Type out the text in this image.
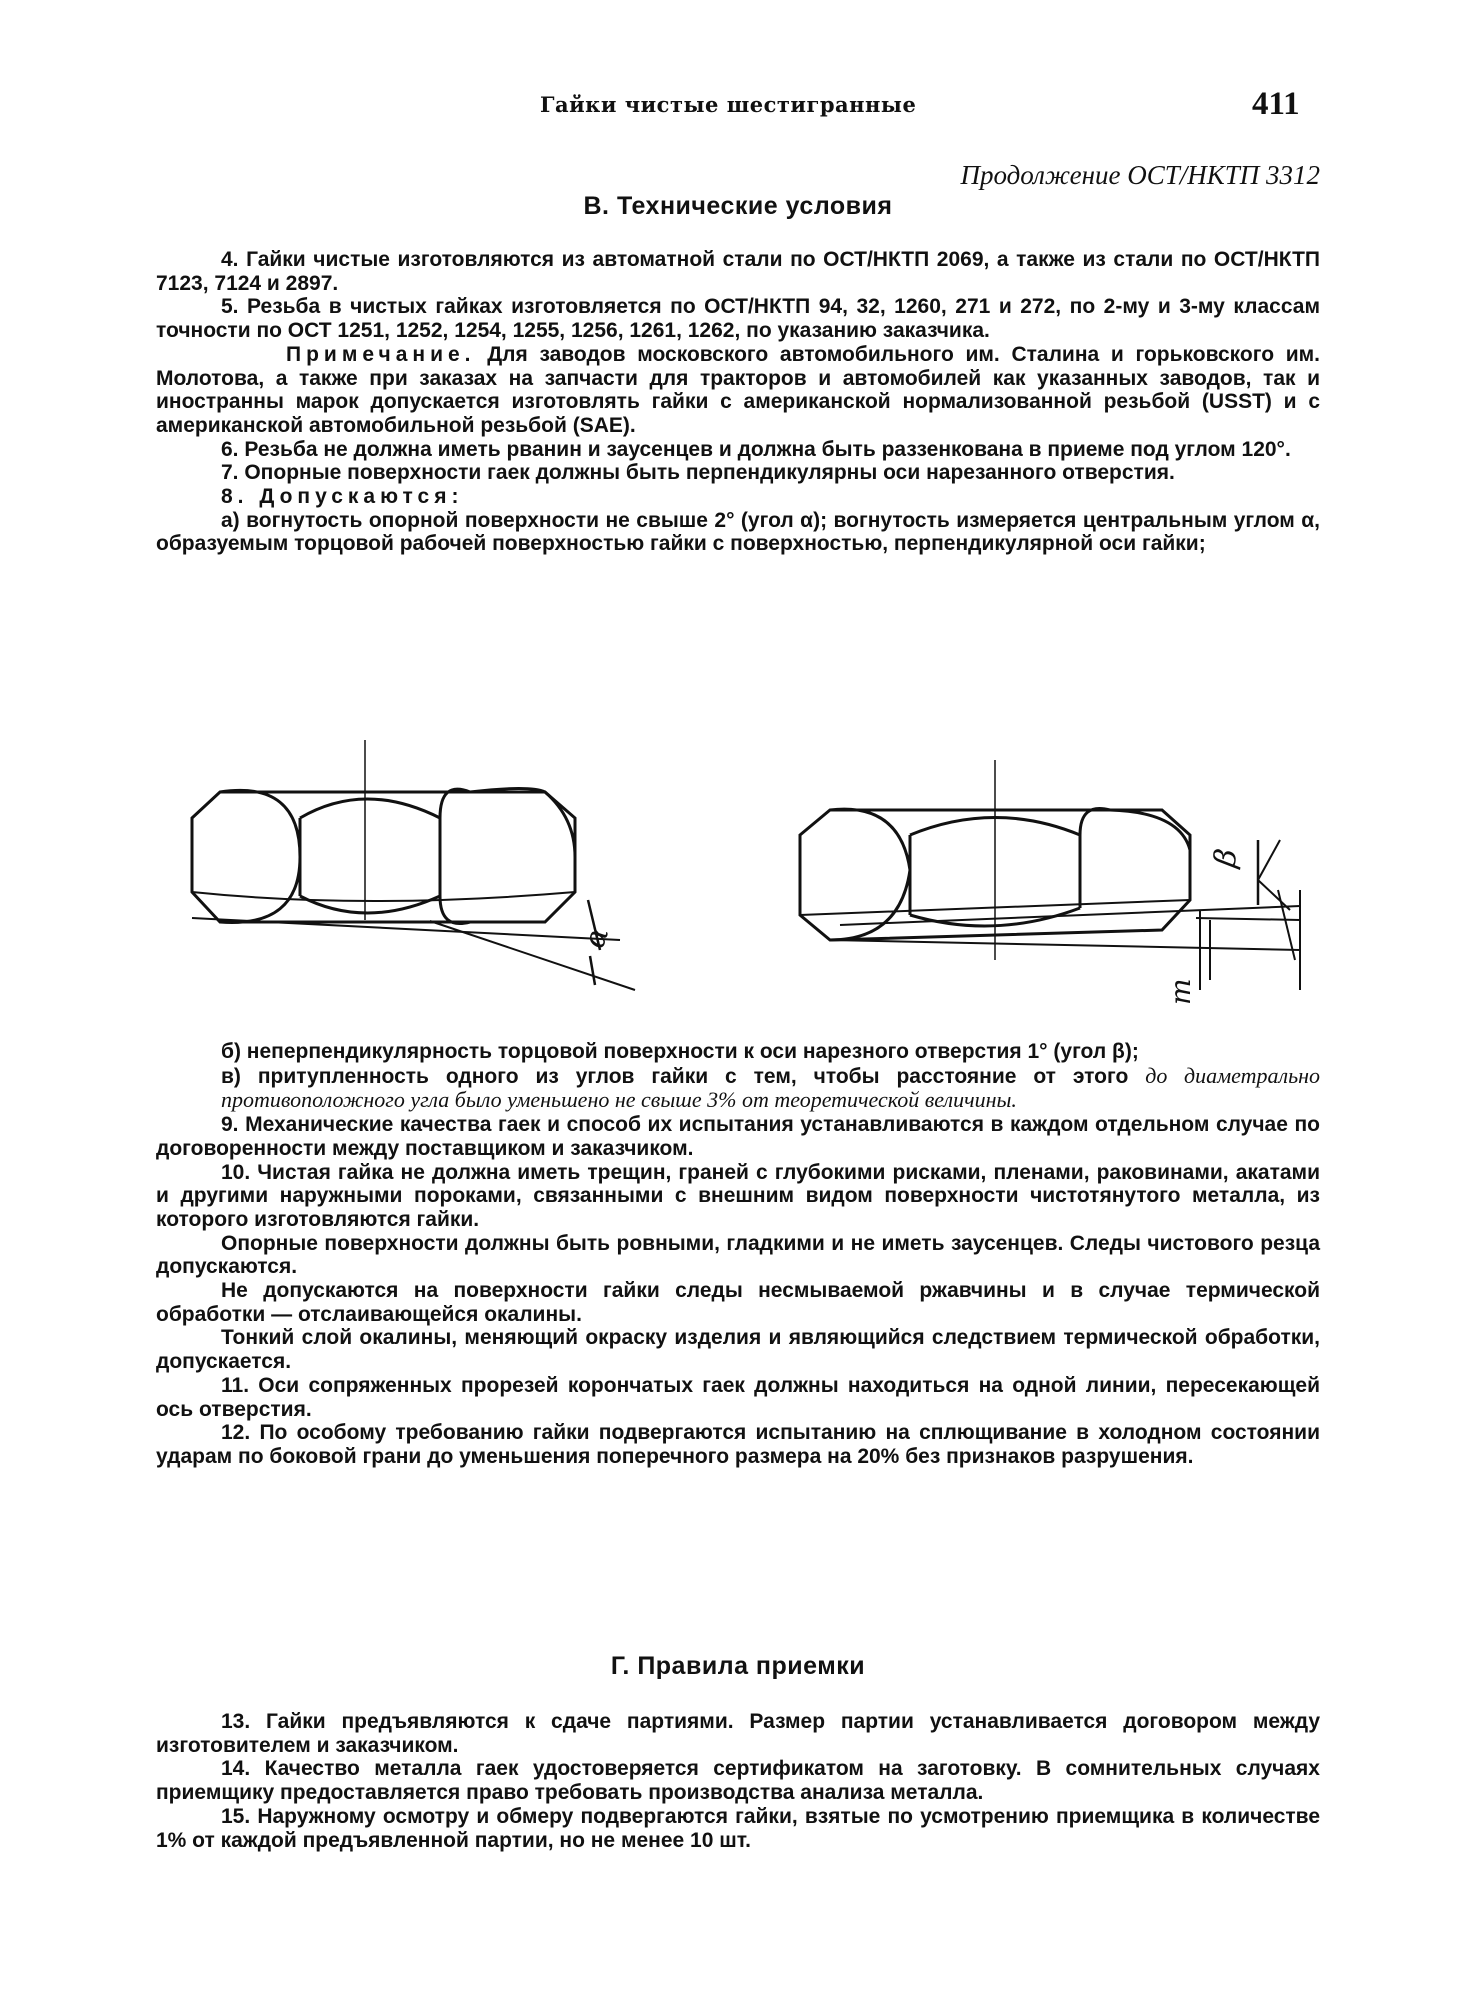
Гайки чистые шестигранные	411
Продолжение ОСТ/НКТП 3312
В. Технические условия

4. Гайки чистые изготовляются из автоматной стали по ОСТ/НКТП 2069, а также из стали по ОСТ/НКТП 7123, 7124 и 2897.

5. Резьба в чистых гайках изготовляется по ОСТ/НКТП 94, 32, 1260, 271 и 272, по 2-му и 3-му классам точности по ОСТ 1251, 1252, 1254, 1255, 1256, 1261, 1262, по указанию заказчика.

Примечание. Для заводов московского автомобильного им. Сталина и горьковского им. Молотова, а также при заказах на запчасти для тракторов и автомобилей как указанных заводов, так и иностранны марок допускается изготовлять гайки с американской нормализованной резьбой (USST) и с американской автомобильной резьбой (SAE).

6. Резьба не должна иметь рванин и заусенцев и должна быть раззенкована в приеме под углом 120°.

7. Опорные поверхности гаек должны быть перпендикулярны оси нарезанного отверстия.

8. Допускаются:

а) вогнутость опорной поверхности не свыше 2° (угол α); вогнутость измеряется центральным углом α, образуемым торцовой рабочей поверхностью гайки с поверхностью, перпендикулярной оси гайки;

α
β
m

б) неперпендикулярность торцовой поверхности к оси нарезного отверстия 1° (угол β);

в) притупленность одного из углов гайки с тем, чтобы расстояние от этого до диаметрально противоположного угла было уменьшено не свыше 3% от теоретической величины.

9. Механические качества гаек и способ их испытания устанавливаются в каждом отдельном случае по договоренности между поставщиком и заказчиком.

10. Чистая гайка не должна иметь трещин, граней с глубокими рисками, пленами, раковинами, акатами и другими наружными пороками, связанными с внешним видом поверхности чистотянутого металла, из которого изготовляются гайки.

Опорные поверхности должны быть ровными, гладкими и не иметь заусенцев. Следы чистового резца допускаются.

Не допускаются на поверхности гайки следы несмываемой ржавчины и в случае термической обработки — отслаивающейся окалины.

Тонкий слой окалины, меняющий окраску изделия и являющийся следствием термической обработки, допускается.

11. Оси сопряженных прорезей корончатых гаек должны находиться на одной линии, пересекающей ось отверстия.

12. По особому требованию гайки подвергаются испытанию на сплющивание в холодном состоянии ударам по боковой грани до уменьшения поперечного размера на 20% без признаков разрушения.

Г. Правила приемки

13. Гайки предъявляются к сдаче партиями. Размер партии устанавливается договором между изготовителем и заказчиком.

14. Качество металла гаек удостоверяется сертификатом на заготовку. В сомнительных случаях приемщику предоставляется право требовать производства анализа металла.

15. Наружному осмотру и обмеру подвергаются гайки, взятые по усмотрению приемщика в количестве 1% от каждой предъявленной партии, но не менее 10 шт.
